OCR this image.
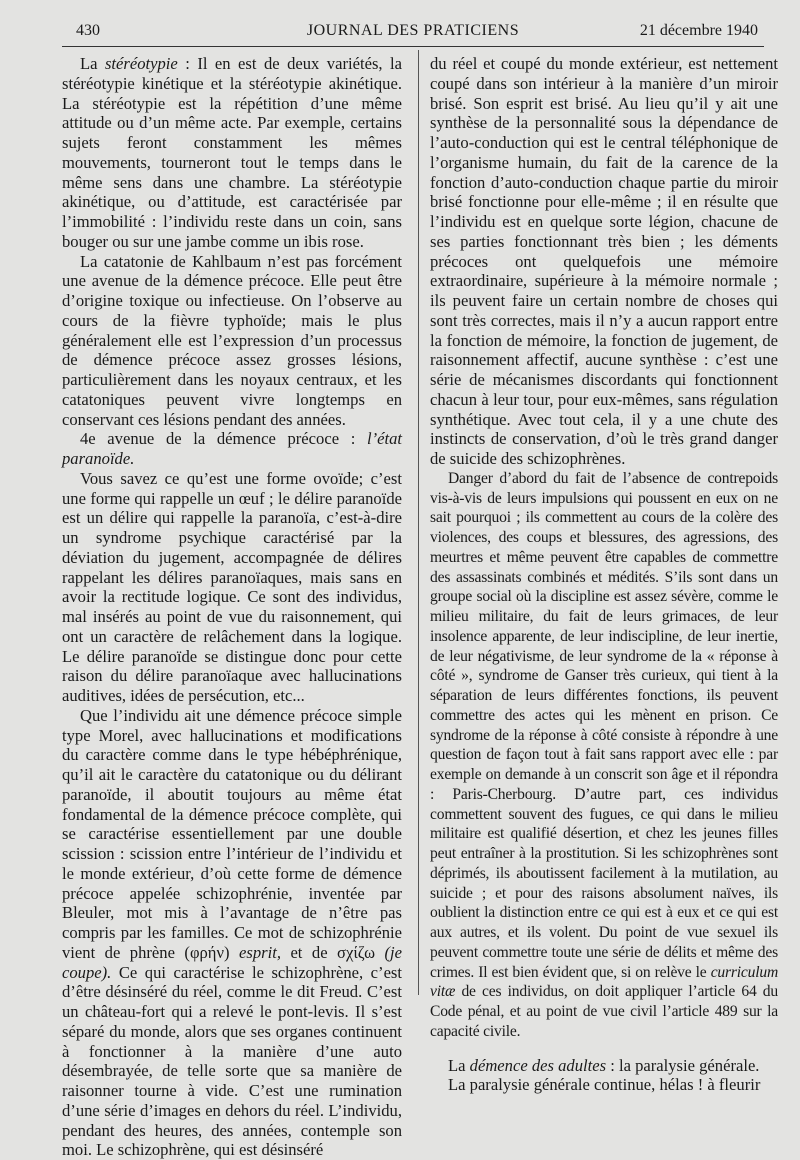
430	JOURNAL DES PRATICIENS	21 décembre 1940

La stéréotypie : Il en est de deux variétés, la stéréotypie kinétique et la stéréotypie akinétique. La stéréotypie est la répétition d’une même attitude ou d’un même acte. Par exemple, certains sujets feront constamment les mêmes mouvements, tourneront tout le temps dans le même sens dans une chambre. La stéréotypie akinétique, ou d’attitude, est caractérisée par l’immobilité : l’individu reste dans un coin, sans bouger ou sur une jambe comme un ibis rose.

La catatonie de Kahlbaum n’est pas forcément une avenue de la démence précoce. Elle peut être d’origine toxique ou infectieuse. On l’observe au cours de la fièvre typhoïde; mais le plus généralement elle est l’expression d’un processus de démence précoce assez grosses lésions, particulièrement dans les noyaux centraux, et les catatoniques peuvent vivre longtemps en conservant ces lésions pendant des années.

4e avenue de la démence précoce : l’état paranoïde.

Vous savez ce qu’est une forme ovoïde; c’est une forme qui rappelle un œuf ; le délire paranoïde est un délire qui rappelle la paranoïa, c’est-à-dire un syndrome psychique caractérisé par la déviation du jugement, accompagnée de délires rappelant les délires paranoïaques, mais sans en avoir la rectitude logique. Ce sont des individus, mal insérés au point de vue du raisonnement, qui ont un caractère de relâchement dans la logique. Le délire paranoïde se distingue donc pour cette raison du délire paranoïaque avec hallucinations auditives, idées de persécution, etc...

Que l’individu ait une démence précoce simple type Morel, avec hallucinations et modifications du caractère comme dans le type hébéphrénique, qu’il ait le caractère du catatonique ou du délirant paranoïde, il aboutit toujours au même état fondamental de la démence précoce complète, qui se caractérise essentiellement par une double scission : scission entre l’intérieur de l’individu et le monde extérieur, d’où cette forme de démence précoce appelée schizophrénie, inventée par Bleuler, mot mis à l’avantage de n’être pas compris par les familles. Ce mot de schizophrénie vient de phrène (φρήν) esprit, et de σχίζω (je coupe). Ce qui caractérise le schizophrène, c’est d’être désinséré du réel, comme le dit Freud. C’est un château-fort qui a relevé le pont-levis. Il s’est séparé du monde, alors que ses organes continuent à fonctionner à la manière d’une auto désembrayée, de telle sorte que sa manière de raisonner tourne à vide. C’est une rumination d’une série d’images en dehors du réel. L’individu, pendant des heures, des années, contemple son moi. Le schizophrène, qui est désinséré

du réel et coupé du monde extérieur, est nettement coupé dans son intérieur à la manière d’un miroir brisé. Son esprit est brisé. Au lieu qu’il y ait une synthèse de la personnalité sous la dépendance de l’auto-conduction qui est le central téléphonique de l’organisme humain, du fait de la carence de la fonction d’auto-conduction chaque partie du miroir brisé fonctionne pour elle-même ; il en résulte que l’individu est en quelque sorte légion, chacune de ses parties fonctionnant très bien ; les déments précoces ont quelquefois une mémoire extraordinaire, supérieure à la mémoire normale ; ils peuvent faire un certain nombre de choses qui sont très correctes, mais il n’y a aucun rapport entre la fonction de mémoire, la fonction de jugement, de raisonnement affectif, aucune synthèse : c’est une série de mécanismes discordants qui fonctionnent chacun à leur tour, pour eux-mêmes, sans régulation synthétique. Avec tout cela, il y a une chute des instincts de conservation, d’où le très grand danger de suicide des schizophrènes.

Danger d’abord du fait de l’absence de contrepoids vis-à-vis de leurs impulsions qui poussent en eux on ne sait pourquoi ; ils commettent au cours de la colère des violences, des coups et blessures, des agressions, des meurtres et même peuvent être capables de commettre des assassinats combinés et médités. S’ils sont dans un groupe social où la discipline est assez sévère, comme le milieu militaire, du fait de leurs grimaces, de leur insolence apparente, de leur indiscipline, de leur inertie, de leur négativisme, de leur syndrome de la « réponse à côté », syndrome de Ganser très curieux, qui tient à la séparation de leurs différentes fonctions, ils peuvent commettre des actes qui les mènent en prison. Ce syndrome de la réponse à côté consiste à répondre à une question de façon tout à fait sans rapport avec elle : par exemple on demande à un conscrit son âge et il répondra : Paris-Cherbourg. D’autre part, ces individus commettent souvent des fugues, ce qui dans le milieu militaire est qualifié désertion, et chez les jeunes filles peut entraîner à la prostitution. Si les schizophrènes sont déprimés, ils aboutissent facilement à la mutilation, au suicide ; et pour des raisons absolument naïves, ils oublient la distinction entre ce qui est à eux et ce qui est aux autres, et ils volent. Du point de vue sexuel ils peuvent commettre toute une série de délits et même des crimes. Il est bien évident que, si on relève le curriculum vitæ de ces individus, on doit appliquer l’article 64 du Code pénal, et au point de vue civil l’article 489 sur la capacité civile.

La démence des adultes : la paralysie générale.

La paralysie générale continue, hélas ! à fleurir
